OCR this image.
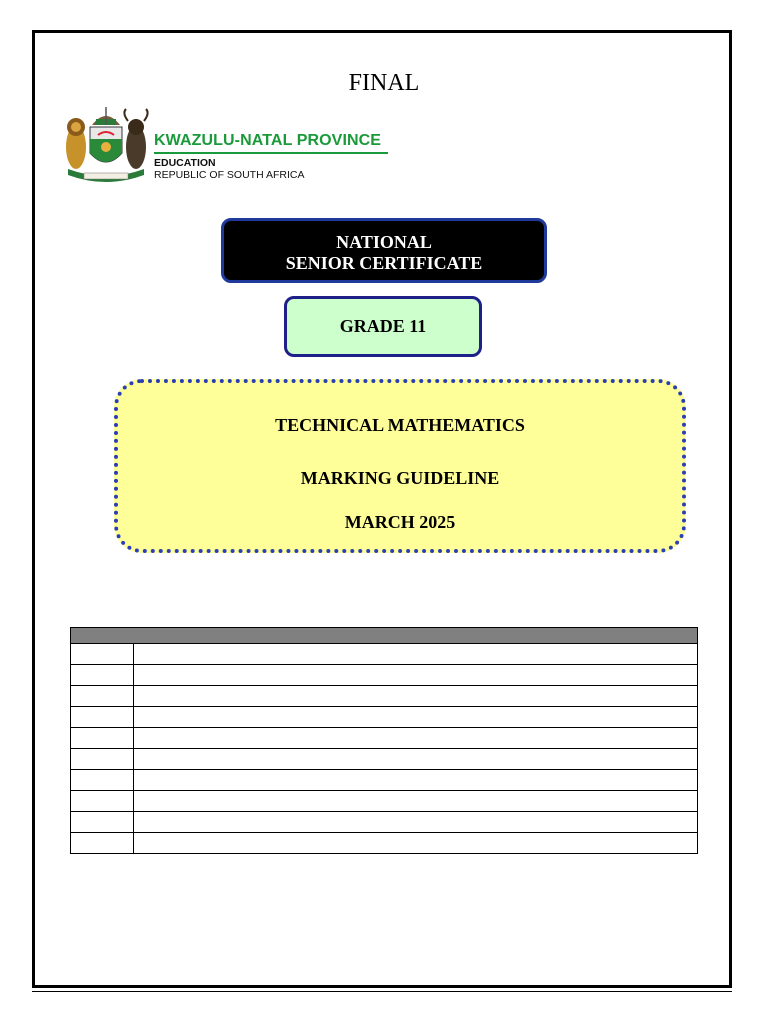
FINAL
KWAZULU-NATAL PROVINCE
EDUCATION
REPUBLIC OF SOUTH AFRICA
NATIONAL
SENIOR CERTIFICATE
GRADE 11
TECHNICAL MATHEMATICS
MARKING GUIDELINE
MARCH 2025
